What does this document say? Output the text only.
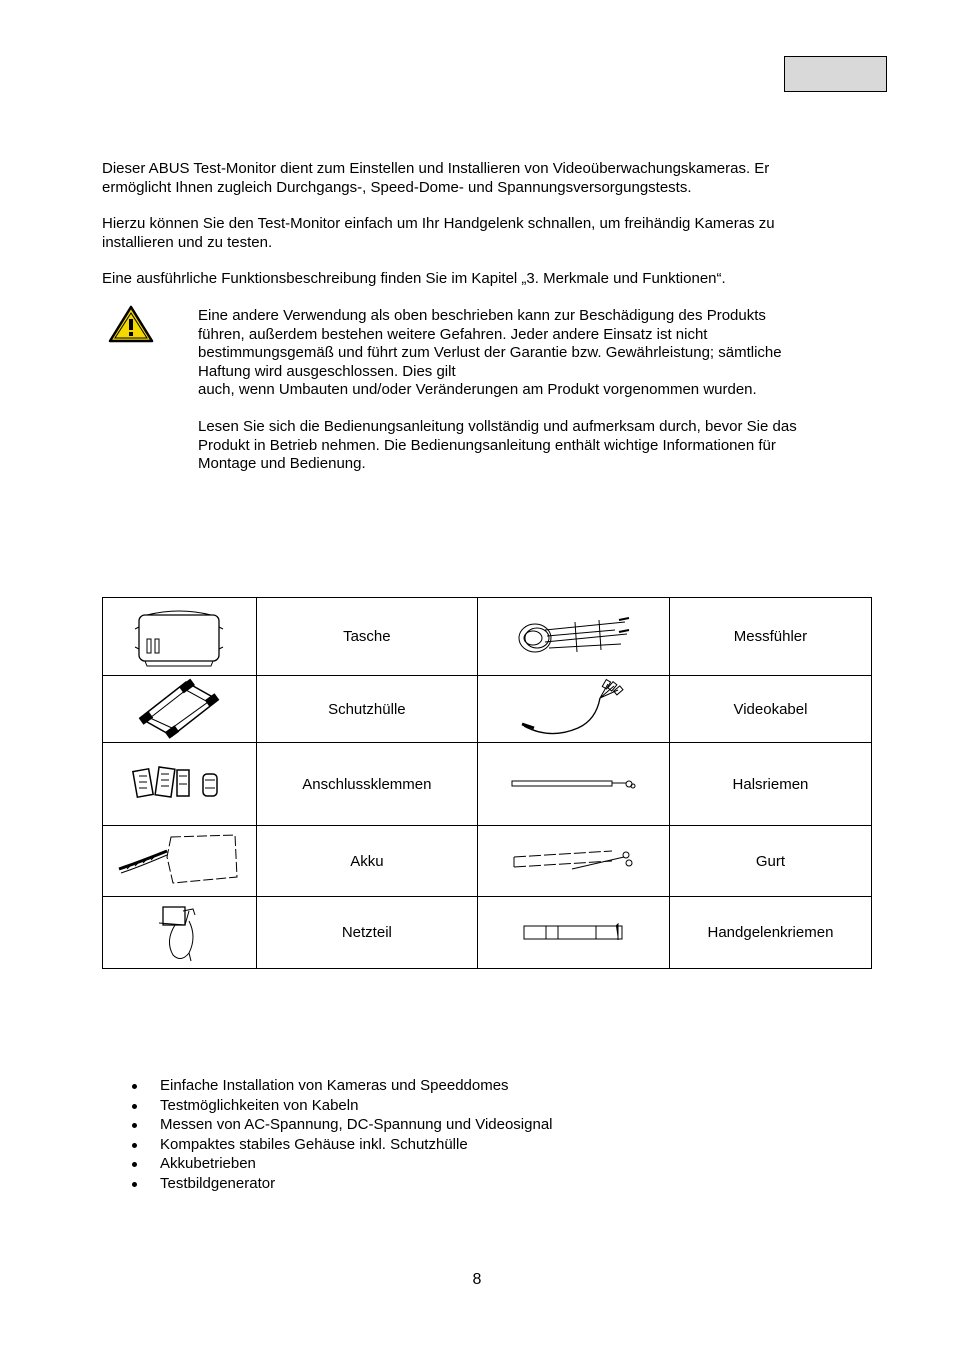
Dieser ABUS Test-Monitor dient zum Einstellen und Installieren von Videoüberwachungskameras. Er
ermöglicht Ihnen zugleich Durchgangs-, Speed-Dome- und Spannungsversorgungstests.

Hierzu können Sie den Test-Monitor einfach um Ihr Handgelenk schnallen, um freihändig Kameras zu
installieren und zu testen.

Eine ausführliche Funktionsbeschreibung finden Sie im Kapitel „3. Merkmale und Funktionen“.

Eine andere Verwendung als oben beschrieben kann zur Beschädigung des Produkts
führen, außerdem bestehen weitere Gefahren. Jeder andere Einsatz ist nicht
bestimmungsgemäß und führt zum Verlust der Garantie bzw. Gewährleistung; sämtliche
Haftung wird ausgeschlossen. Dies gilt
auch, wenn Umbauten und/oder Veränderungen am Produkt vorgenommen wurden.

Lesen Sie sich die Bedienungsanleitung vollständig und aufmerksam durch, bevor Sie das
Produkt in Betrieb nehmen. Die Bedienungsanleitung enthält wichtige Informationen für
Montage und Bedienung.

	Tasche		Messfühler

	Schutzhülle		Videokabel

	Anschlussklemmen		Halsriemen

	Akku		Gurt

	Netzteil		Handgelenkriemen
Einfache Installation von Kameras und Speeddomes
Testmöglichkeiten von Kabeln
Messen von AC-Spannung, DC-Spannung und Videosignal
Kompaktes stabiles Gehäuse inkl. Schutzhülle
Akkubetrieben
Testbildgenerator
8
